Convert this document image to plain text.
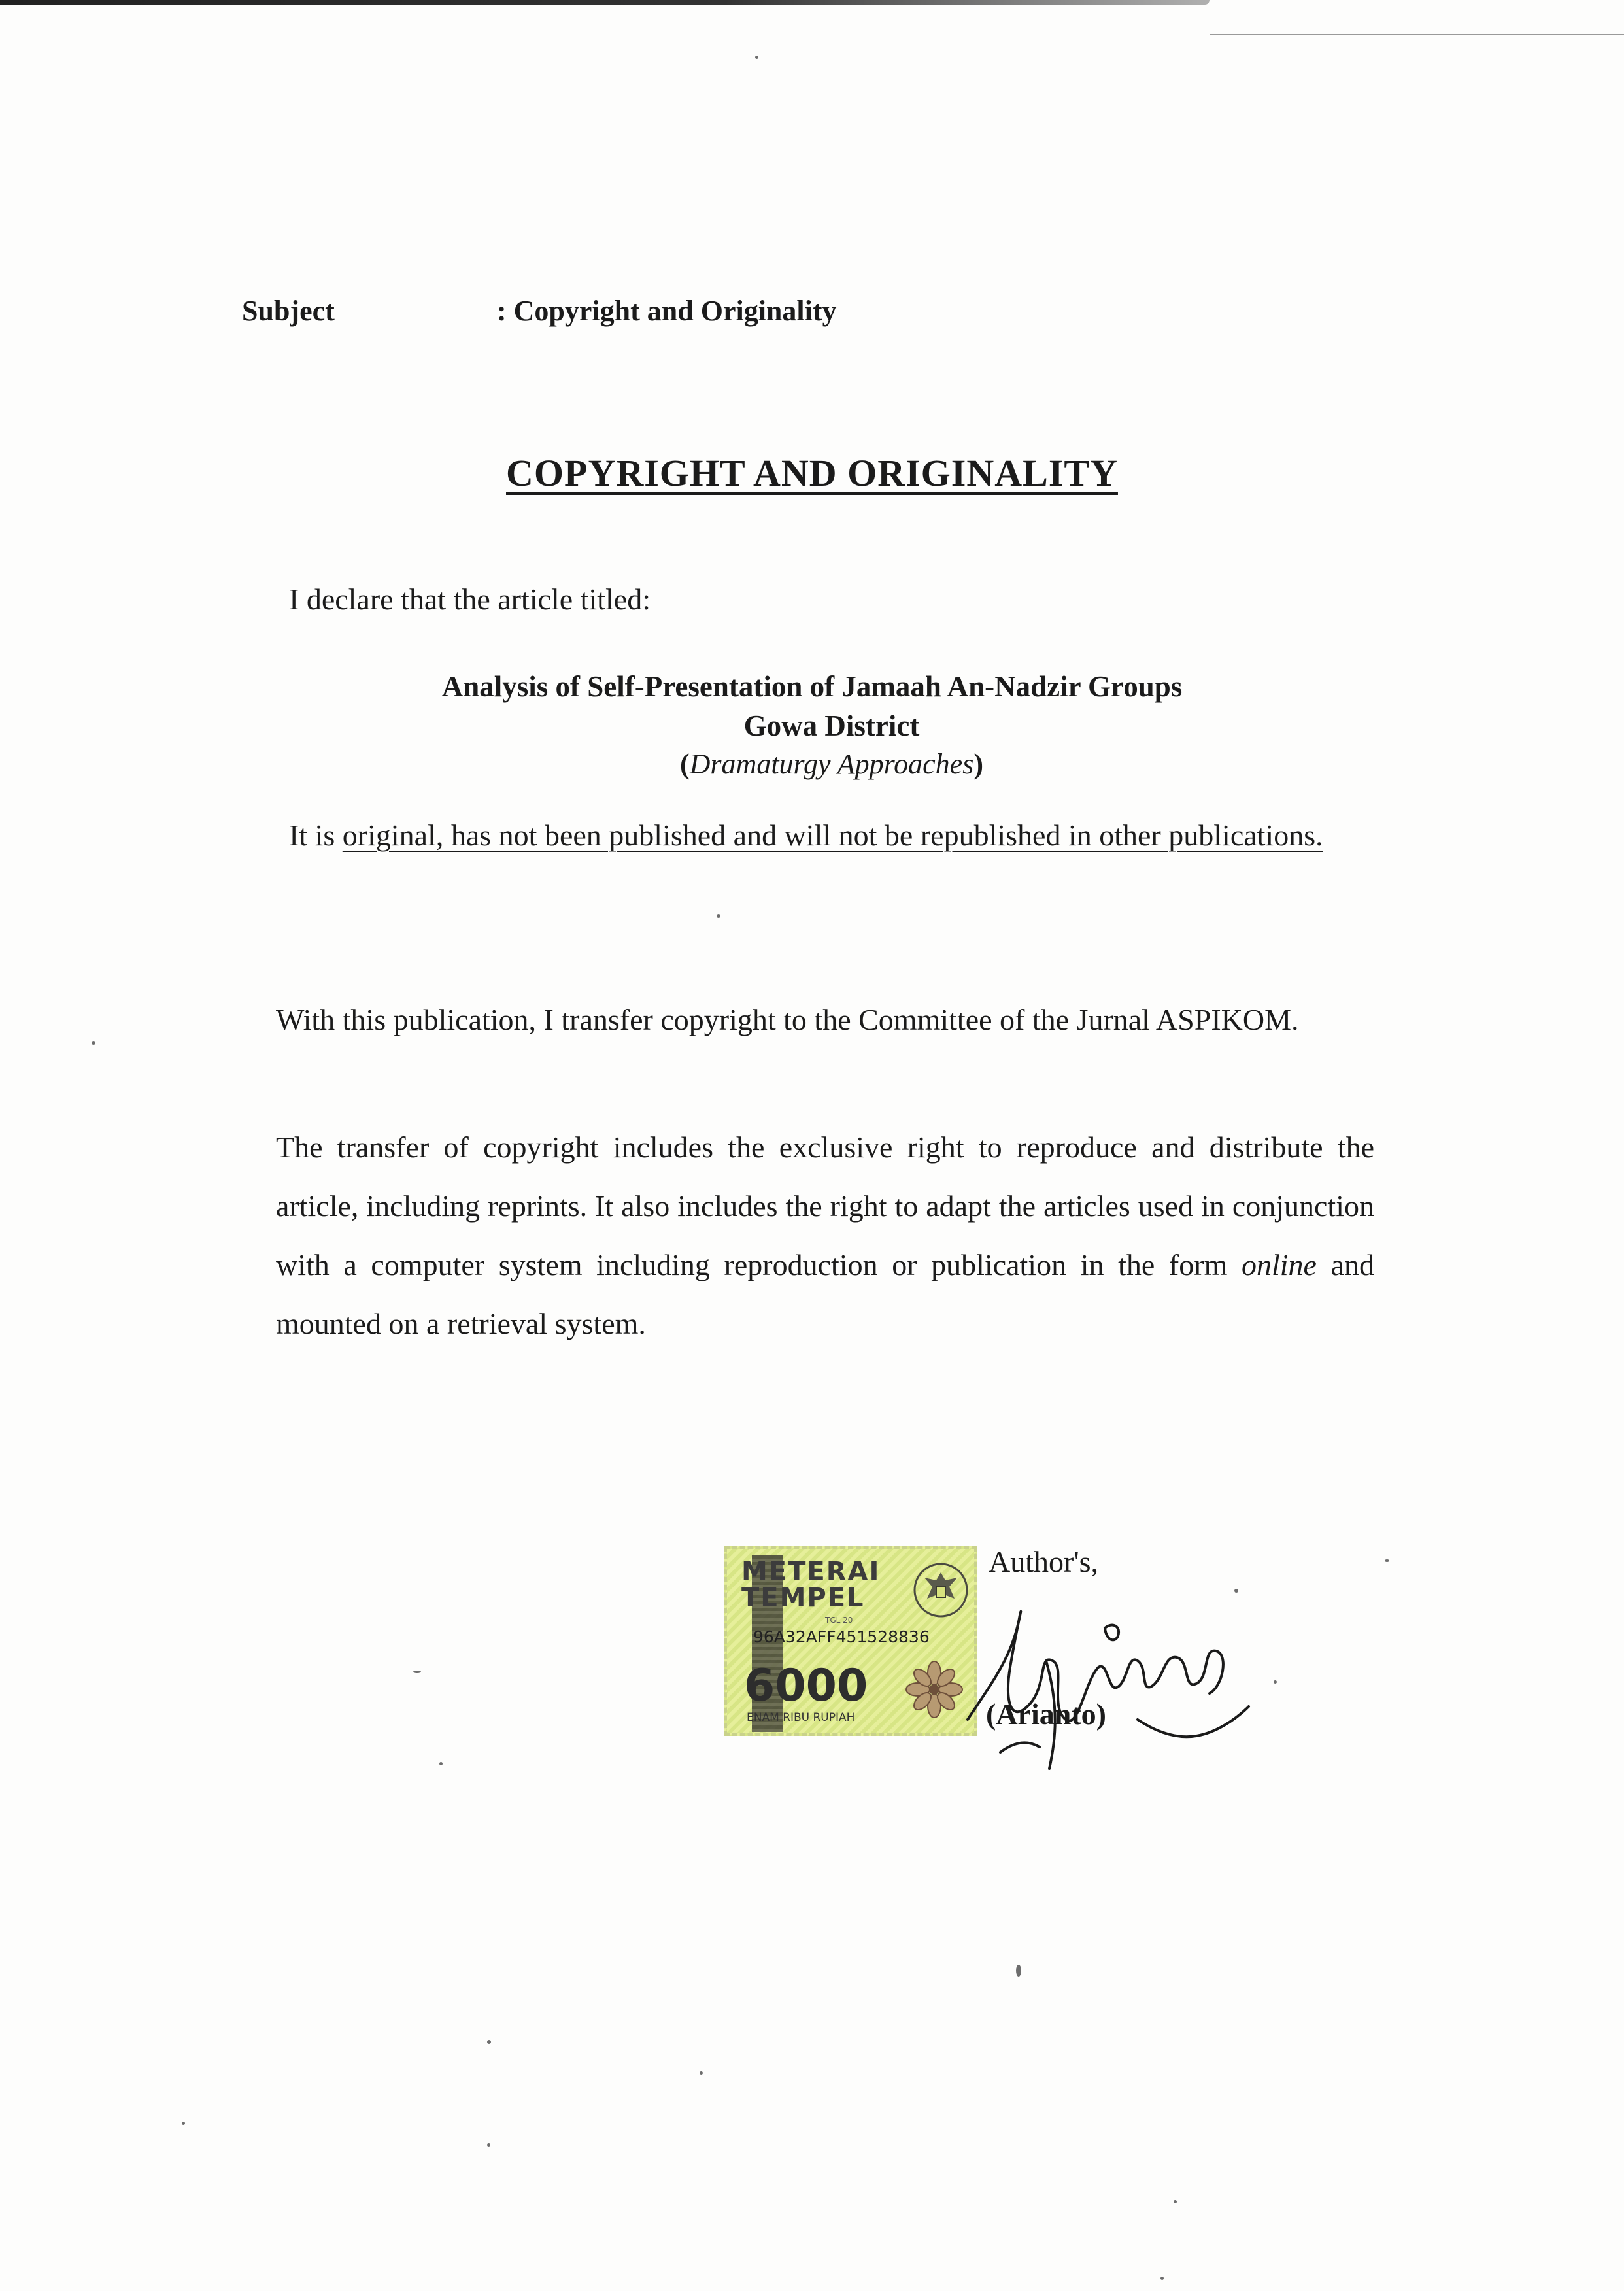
Subject	: Copyright and Originality
COPYRIGHT AND ORIGINALITY
I declare that the article titled:
Analysis of Self-Presentation of Jamaah An-Nadzir Groups
Gowa District
(Dramaturgy Approaches)
It is original, has not been published and will not be republished in other publications.
With this publication, I transfer copyright to the Committee of the Jurnal ASPIKOM.
The transfer of copyright includes the exclusive right to reproduce and distribute the article, including reprints. It also includes the right to adapt the articles used in conjunction with a computer system including reproduction or publication in the form online and mounted on a retrieval system.
METERAI
TEMPEL
TGL 20
96A32AFF451528836
6000
ENAM RIBU RUPIAH
Author's,
(Arianto)
